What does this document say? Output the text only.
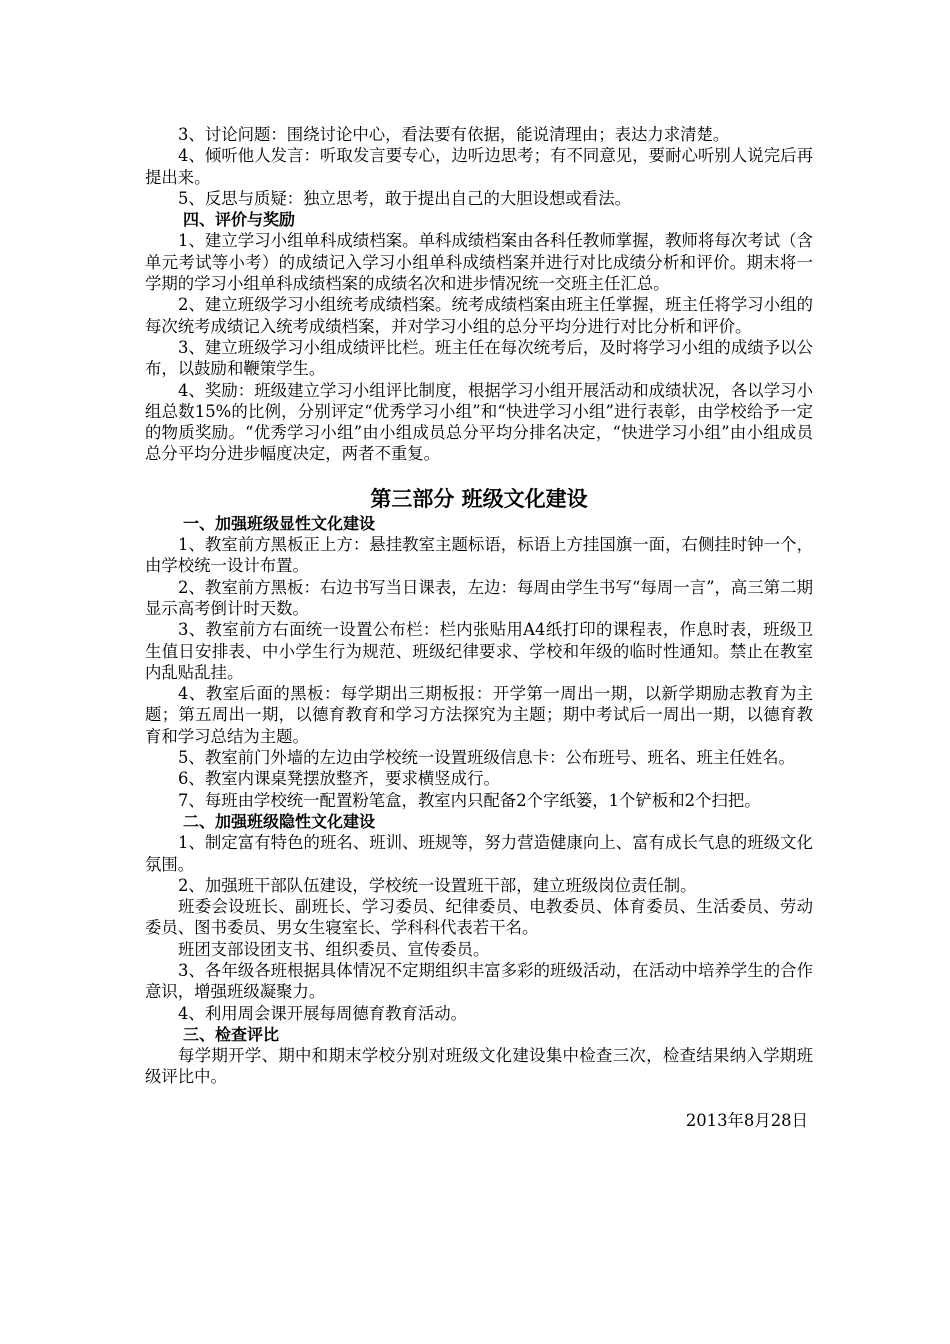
3、讨论问题：围绕讨论中心，看法要有依据，能说清理由；表达力求清楚。

4、倾听他人发言：听取发言要专心，边听边思考；有不同意见，要耐心听别人说完后再提出来。

5、反思与质疑：独立思考，敢于提出自己的大胆设想或看法。

四、评价与奖励

1、建立学习小组单科成绩档案。单科成绩档案由各科任教师掌握，教师将每次考试（含单元考试等小考）的成绩记入学习小组单科成绩档案并进行对比成绩分析和评价。期末将一学期的学习小组单科成绩档案的成绩名次和进步情况统一交班主任汇总。

2、建立班级学习小组统考成绩档案。统考成绩档案由班主任掌握，班主任将学习小组的每次统考成绩记入统考成绩档案，并对学习小组的总分平均分进行对比分析和评价。

3、建立班级学习小组成绩评比栏。班主任在每次统考后，及时将学习小组的成绩予以公布，以鼓励和鞭策学生。

4、奖励：班级建立学习小组评比制度，根据学习小组开展活动和成绩状况，各以学习小组总数15%的比例，分别评定“优秀学习小组”和“快进学习小组”进行表彰，由学校给予一定的物质奖励。“优秀学习小组”由小组成员总分平均分排名决定，“快进学习小组”由小组成员总分平均分进步幅度决定，两者不重复。

第三部分 班级文化建设

一、加强班级显性文化建设

1、教室前方黑板正上方：悬挂教室主题标语，标语上方挂国旗一面，右侧挂时钟一个，由学校统一设计布置。

2、教室前方黑板：右边书写当日课表，左边：每周由学生书写“每周一言”，高三第二期显示高考倒计时天数。

3、教室前方右面统一设置公布栏：栏内张贴用A4纸打印的课程表，作息时表，班级卫生值日安排表、中小学生行为规范、班级纪律要求、学校和年级的临时性通知。禁止在教室内乱贴乱挂。

4、教室后面的黑板：每学期出三期板报：开学第一周出一期，以新学期励志教育为主题；第五周出一期，以德育教育和学习方法探究为主题；期中考试后一周出一期，以德育教育和学习总结为主题。

5、教室前门外墙的左边由学校统一设置班级信息卡：公布班号、班名、班主任姓名。

6、教室内课桌凳摆放整齐，要求横竖成行。

7、每班由学校统一配置粉笔盒，教室内只配备2个字纸篓，1个铲板和2个扫把。

二、加强班级隐性文化建设

1、制定富有特色的班名、班训、班规等，努力营造健康向上、富有成长气息的班级文化氛围。

2、加强班干部队伍建设，学校统一设置班干部，建立班级岗位责任制。

班委会设班长、副班长、学习委员、纪律委员、电教委员、体育委员、生活委员、劳动委员、图书委员、男女生寝室长、学科科代表若干名。

班团支部设团支书、组织委员、宣传委员。

3、各年级各班根据具体情况不定期组织丰富多彩的班级活动，在活动中培养学生的合作意识，增强班级凝聚力。

4、利用周会课开展每周德育教育活动。

三、检查评比

每学期开学、期中和期末学校分别对班级文化建设集中检查三次，检查结果纳入学期班级评比中。

2013年8月28日
